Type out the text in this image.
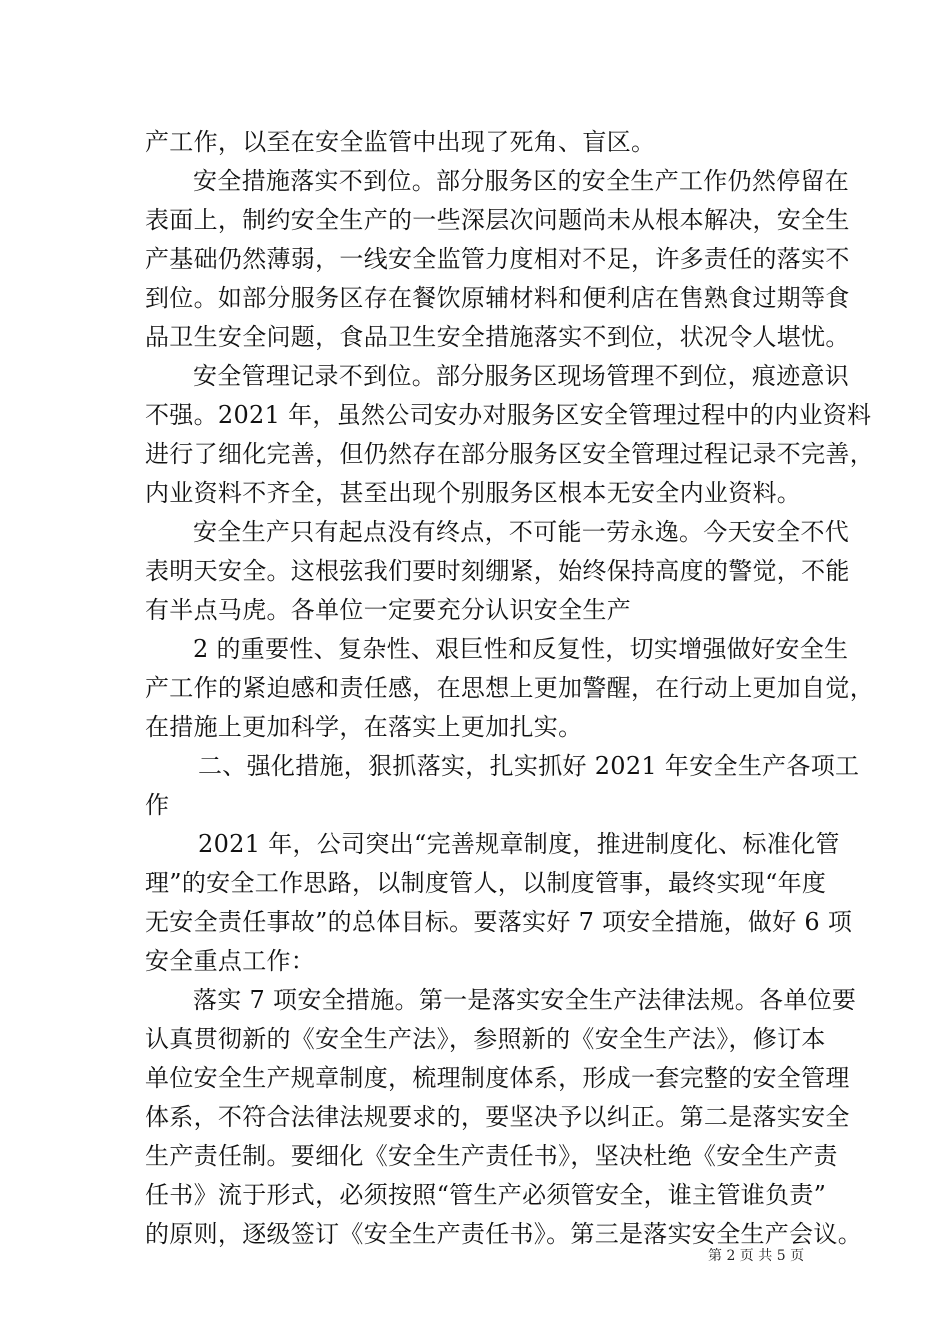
产工作，以至在安全监管中出现了死角、盲区。
安全措施落实不到位。部分服务区的安全生产工作仍然停留在
表面上，制约安全生产的一些深层次问题尚未从根本解决，安全生
产基础仍然薄弱，一线安全监管力度相对不足，许多责任的落实不
到位。如部分服务区存在餐饮原辅材料和便利店在售熟食过期等食
品卫生安全问题，食品卫生安全措施落实不到位，状况令人堪忧。
安全管理记录不到位。部分服务区现场管理不到位，痕迹意识
不强。2021 年，虽然公司安办对服务区安全管理过程中的内业资料
进行了细化完善，但仍然存在部分服务区安全管理过程记录不完善，
内业资料不齐全，甚至出现个别服务区根本无安全内业资料。
安全生产只有起点没有终点，不可能一劳永逸。今天安全不代
表明天安全。这根弦我们要时刻绷紧，始终保持高度的警觉，不能
有半点马虎。各单位一定要充分认识安全生产
2 的重要性、复杂性、艰巨性和反复性，切实增强做好安全生
产工作的紧迫感和责任感，在思想上更加警醒，在行动上更加自觉，
在措施上更加科学，在落实上更加扎实。
二、强化措施，狠抓落实，扎实抓好 2021 年安全生产各项工
作
2021 年，公司突出“完善规章制度，推进制度化、标准化管
理”的安全工作思路，以制度管人，以制度管事，最终实现“年度
无安全责任事故”的总体目标。要落实好 7 项安全措施，做好 6 项
安全重点工作：
落实 7 项安全措施。第一是落实安全生产法律法规。各单位要
认真贯彻新的《安全生产法》，参照新的《安全生产法》，修订本
单位安全生产规章制度，梳理制度体系，形成一套完整的安全管理
体系，不符合法律法规要求的，要坚决予以纠正。第二是落实安全
生产责任制。要细化《安全生产责任书》，坚决杜绝《安全生产责
任书》流于形式，必须按照“管生产必须管安全，谁主管谁负责”
的原则，逐级签订《安全生产责任书》。第三是落实安全生产会议。
第 2 页 共 5 页
